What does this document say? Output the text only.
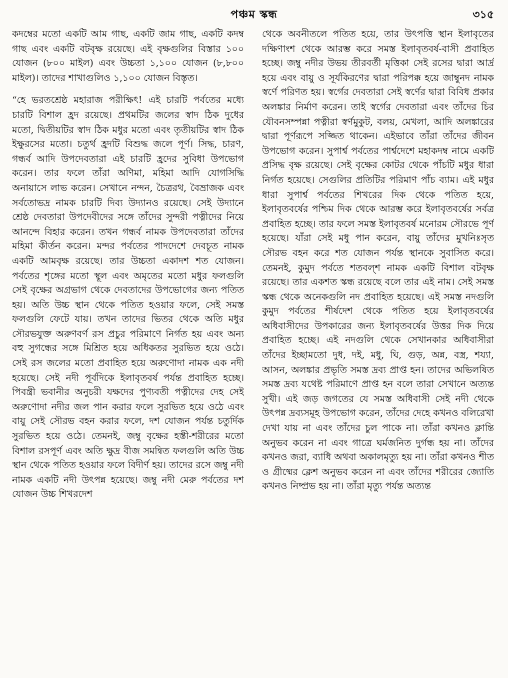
পঞ্চম স্কন্ধ	৩১৫

কদম্বের মতো একটি আম গাছ, একটি জাম গাছ, একটি কদম্ব গাছ এবং একটি বটবৃক্ষ রয়েছে। এই বৃক্ষগুলির বিস্তার ১০০ যোজন (৮০০ মাইল) এবং উচ্চতা ১,১০০ যোজন (৮,৮০০ মাইল)। তাদের শাখাগুলিও ১,১০০ যোজন বিস্তৃত।

“হে ভরতশ্রেষ্ঠ মহারাজ পরীক্ষিৎ! এই চারটি পর্বতের মধ্যে চারটি বিশাল হ্রদ রয়েছে। প্রথমটির জলের স্বাদ ঠিক দুধের মতো, দ্বিতীয়টির স্বাদ ঠিক মধুর মতো এবং তৃতীয়টির স্বাদ ঠিক ইক্ষুরসের মতো। চতুর্থ হ্রদটি বিশুদ্ধ জলে পূর্ণ। সিদ্ধ, চারণ, গন্ধর্ব আদি উপদেবতারা এই চারটি হ্রদের সুবিধা উপভোগ করেন। তার ফলে তাঁরা অণিমা, মহিমা আদি যোগসিদ্ধি অনায়াসে লাভ করেন। সেখানে নন্দন, চৈত্ররথ, বৈভ্রাজক এবং সর্বতোভদ্র নামক চারটি দিব্য উদ্যানও রয়েছে। সেই উদ্যানে শ্রেষ্ঠ দেবতারা উপদেবীদের সঙ্গে তাঁদের সুন্দরী পত্নীদের নিয়ে আনন্দে বিহার করেন। তখন গন্ধর্ব নামক উপদেবতারা তাঁদের মহিমা কীর্তন করেন। মন্দর পর্বতের পাদদেশে দেবচূত নামক একটি আমবৃক্ষ রয়েছে। তার উচ্চতা একাদশ শত যোজন। পর্বতের শৃঙ্গের মতো স্থূল এবং অমৃতের মতো মধুর ফলগুলি সেই বৃক্ষের অগ্রভাগ থেকে দেবতাদের উপভোগের জন্য পতিত হয়। অতি উচ্চ স্থান থেকে পতিত হওয়ার ফলে, সেই সমস্ত ফলগুলি ফেটে যায়। তখন তাদের ভিতর থেকে অতি মধুর সৌরভযুক্ত অরুণবর্ণ রস প্রচুর পরিমাণে নির্গত হয় এবং অন্য বহু সুগন্ধের সঙ্গে মিশ্রিত হয়ে অধিকতর সুরভিত হয়ে ওঠে। সেই রস জলের মতো প্রবাহিত হয়ে অরুণোদা নামক এক নদী হয়েছে। সেই নদী পূর্বদিকে ইলাবৃতবর্ষ পর্যন্ত প্রবাহিত হচ্ছে। পিবন্ত্রী ভবানীর অনুচরী যক্ষদের পুণ্যবতী পত্নীদের দেহ সেই অরুণোদা নদীর জল পান করার ফলে সুরভিত হয়ে ওঠে এবং বায়ু সেই সৌরভ বহন করার ফলে, দশ যোজন পর্যন্ত চতুর্দিক সুরভিত হয়ে ওঠে। তেমনই, জম্বু বৃক্ষের হস্তী-শরীরের মতো বিশাল রসপূর্ণ এবং অতি ক্ষুদ্র বীজ সমন্বিত ফলগুলি অতি উচ্চ স্থান থেকে পতিত হওয়ার ফলে বিদীর্ণ হয়। তাদের রসে জম্বু নদী নামক একটি নদী উৎপন্ন হয়েছে। জম্বু নদী মেরু পর্বতের দশ যোজন উচ্চ শিখরদেশ

থেকে অবনীতলে পতিত হয়ে, তার উৎপত্তি স্থান ইলাবৃতের দক্ষিণাংশ থেকে আরম্ভ করে সমস্ত ইলাবৃতবর্ষ-বাসী প্রবাহিত হচ্ছে। জম্বু নদীর উভয় তীরবর্তী মৃত্তিকা সেই রসের দ্বারা আর্দ্র হয়ে এবং বায়ু ও সূর্যকিরণের দ্বারা পরিপক্ক হয়ে জাম্বুনদ নামক স্বর্ণে পরিণত হয়। স্বর্গের দেবতারা সেই স্বর্ণের দ্বারা বিবিধ প্রকার অলঙ্কার নির্মাণ করেন। তাই স্বর্গের দেবতারা এবং তাঁদের চির যৌবনসম্পন্না পত্নীরা স্বর্ণমুকুট, বলয়, মেখলা, আদি অলঙ্কারের দ্বারা পূর্ণরূপে সজ্জিত থাকেন। এইভাবে তাঁরা তাঁদের জীবন উপভোগ করেন। সুপার্শ্ব পর্বতের পার্শ্বদেশে মহাকদম্ব নামে একটি প্রসিদ্ধ বৃক্ষ রয়েছে। সেই বৃক্ষের কোটর থেকে পাঁচটি মধুর ধারা নির্গত হয়েছে। সেগুলির প্রতিটির পরিমাণ পাঁচ ব্যাম। এই মধুর ধারা সুপার্শ্ব পর্বতের শিখরের দিক থেকে পতিত হয়ে, ইলাবৃতবর্ষের পশ্চিম দিক থেকে আরম্ভ করে ইলাবৃতবর্ষের সর্বত্র প্রবাহিত হচ্ছে। তার ফলে সমস্ত ইলাবৃতবর্ষ মনোরম সৌরভে পূর্ণ হয়েছে। যাঁরা সেই মধু পান করেন, বায়ু তাঁদের মুখনিঃসৃত সৌরভ বহন করে শত যোজন পর্যন্ত স্থানকে সুবাসিত করে। তেমনই, কুমুদ পর্বতে শতবল্শ নামক একটি বিশাল বটবৃক্ষ রয়েছে। তার একশত স্কন্ধ রয়েছে বলে তার এই নাম। সেই সমস্ত স্কন্ধ থেকে অনেকগুলি নদ প্রবাহিত হয়েছে। এই সমস্ত নদগুলি কুমুদ পর্বতের শীর্ষদেশ থেকে পতিত হয়ে ইলাবৃতবর্ষের অধিবাসীদের উপকারের জন্য ইলাবৃতবর্ষের উত্তর দিক দিয়ে প্রবাহিত হচ্ছে। এই নদগুলি থেকে সেখানকার অধিবাসীরা তাঁদের ইচ্ছামতো দুধ, দই, মধু, ঘি, গুড়, অন্ন, বস্ত্র, শয্যা, আসন, অলঙ্কার প্রভৃতি সমস্ত দ্রব্য প্রাপ্ত হন। তাদের অভিলষিত সমস্ত দ্রব্য যথেষ্ট পরিমাণে প্রাপ্ত হন বলে তারা সেখানে অত্যন্ত সুখী। এই জড় জগতের যে সমস্ত অধিবাসী সেই নদী থেকে উৎপন্ন দ্রব্যসমূহ উপভোগ করেন, তাঁদের দেহে কখনও বলিরেখা দেখা যায় না এবং তাঁদের চুল পাকে না। তাঁরা কখনও ক্লান্তি অনুভব করেন না এবং গাত্রে ঘর্মজনিত দুর্গন্ধ হয় না। তাঁদের কখনও জরা, ব্যাধি অথবা অকালমৃত্যু হয় না। তাঁরা কখনও শীত ও গ্রীষ্মের ক্লেশ অনুভব করেন না এবং তাঁদের শরীরের জ্যোতি কখনও নিষ্প্রভ হয় না। তাঁরা মৃত্যু পর্যন্ত অত্যন্ত
